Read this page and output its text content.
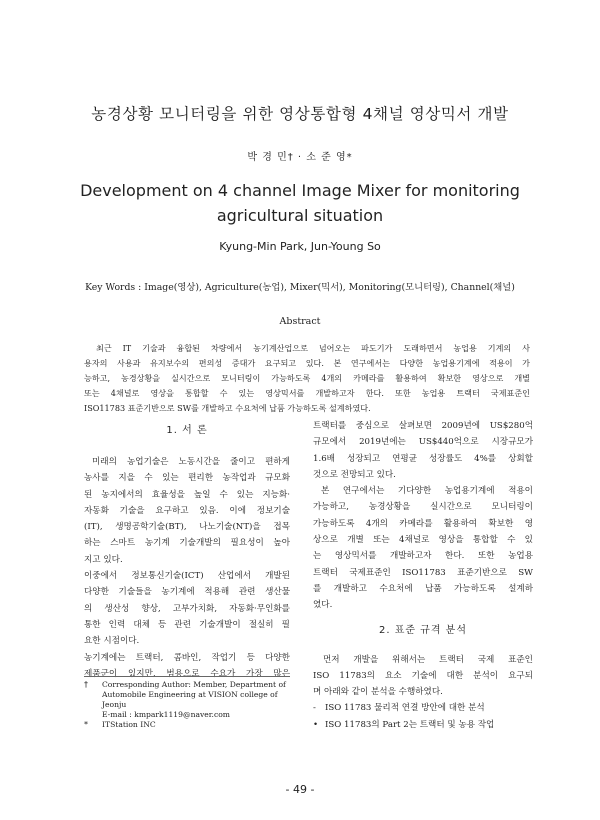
농경상황 모니터링을 위한 영상통합형 4채널 영상믹서 개발
박 경 민† · 소 준 영*
Development on 4 channel Image Mixer for monitoring
agricultural situation
Kyung-Min Park, Jun-Young So
Key Words : Image(영상), Agriculture(농업), Mixer(믹서), Monitoring(모니터링), Channel(채널)
Abstract
최근 IT 기술과 융합된 차량에서 농기계산업으로 넘어오는 파도기가 도래하면서 농업용 기계의 사
용자의 사용과 유지보수의 편의성 증대가 요구되고 있다. 본 연구에서는 다양한 농업용기계에 적용이 가
능하고, 농경상황을 실시간으로 모니터링이 가능하도록 4개의 카메라를 활용하여 확보한 영상으로 개별
또는 4채널로 영상을 통합할 수 있는 영상믹서를 개발하고자 한다. 또한 농업용 트랙터 국제표준인
ISO11783 표준기반으로 SW를 개발하고 수요처에 납품 가능하도록 설계하였다.
1. 서 론
미래의 농업기술은 노동시간을 줄이고 편하게
농사를 지을 수 있는 편리한 농작업과 규모화
된 농지에서의 효율성을 높일 수 있는 지능화·
자동화 기술을 요구하고 있음. 이에 정보기술
(IT), 생명공학기술(BT), 나노기술(NT)을 접목
하는 스마트 농기계 기술개발의 필요성이 높아
지고 있다.
이중에서 정보통신기술(ICT) 산업에서 개발된
다양한 기술들을 농기계에 적용해 관련 생산물
의 생산성 향상, 고부가치화, 자동화·무인화를
통한 인력 대체 등 관련 기술개발이 절실히 필
요한 시점이다.
농기계에는 트랙터, 콤바인, 작업기 등 다양한
제품군이 있지만, 범용으로 수요가 가장 많은
†	Corresponding Author: Member, Department of
Automobile Engineering at VISION college of Jeonju
E-mail : kmpark1119@naver.com
*	ITStation INC
트랙터를 중심으로 살펴보면 2009년에 US$280억
규모에서 2019년에는 US$440억으로 시장규모가
1.6배 성장되고 연평균 성장률도 4%를 상회할
것으로 전망되고 있다.
본 연구에서는 기다양한 농업용기계에 적용이
가능하고, 농경상황을 실시간으로 모니터링이
가능하도록 4개의 카메라를 활용하여 확보한 영
상으로 개별 또는 4채널로 영상을 통합할 수 있
는 영상믹서를 개발하고자 한다. 또한 농업용
트랙터 국제표준인 ISO11783 표준기반으로 SW
를 개발하고 수요처에 납품 가능하도록 설계하
였다.
2. 표준 규격 분석
먼저 개발을 위해서는 트랙터 국제 표준인
ISO 11783의 요소 기술에 대한 분석이 요구되
며 아래와 같이 분석을 수행하였다.
-	ISO 11783 물리적 연결 방안에 대한 분석
• ISO 11783의 Part 2는 트랙터 및 농용 작업
- 49 -
